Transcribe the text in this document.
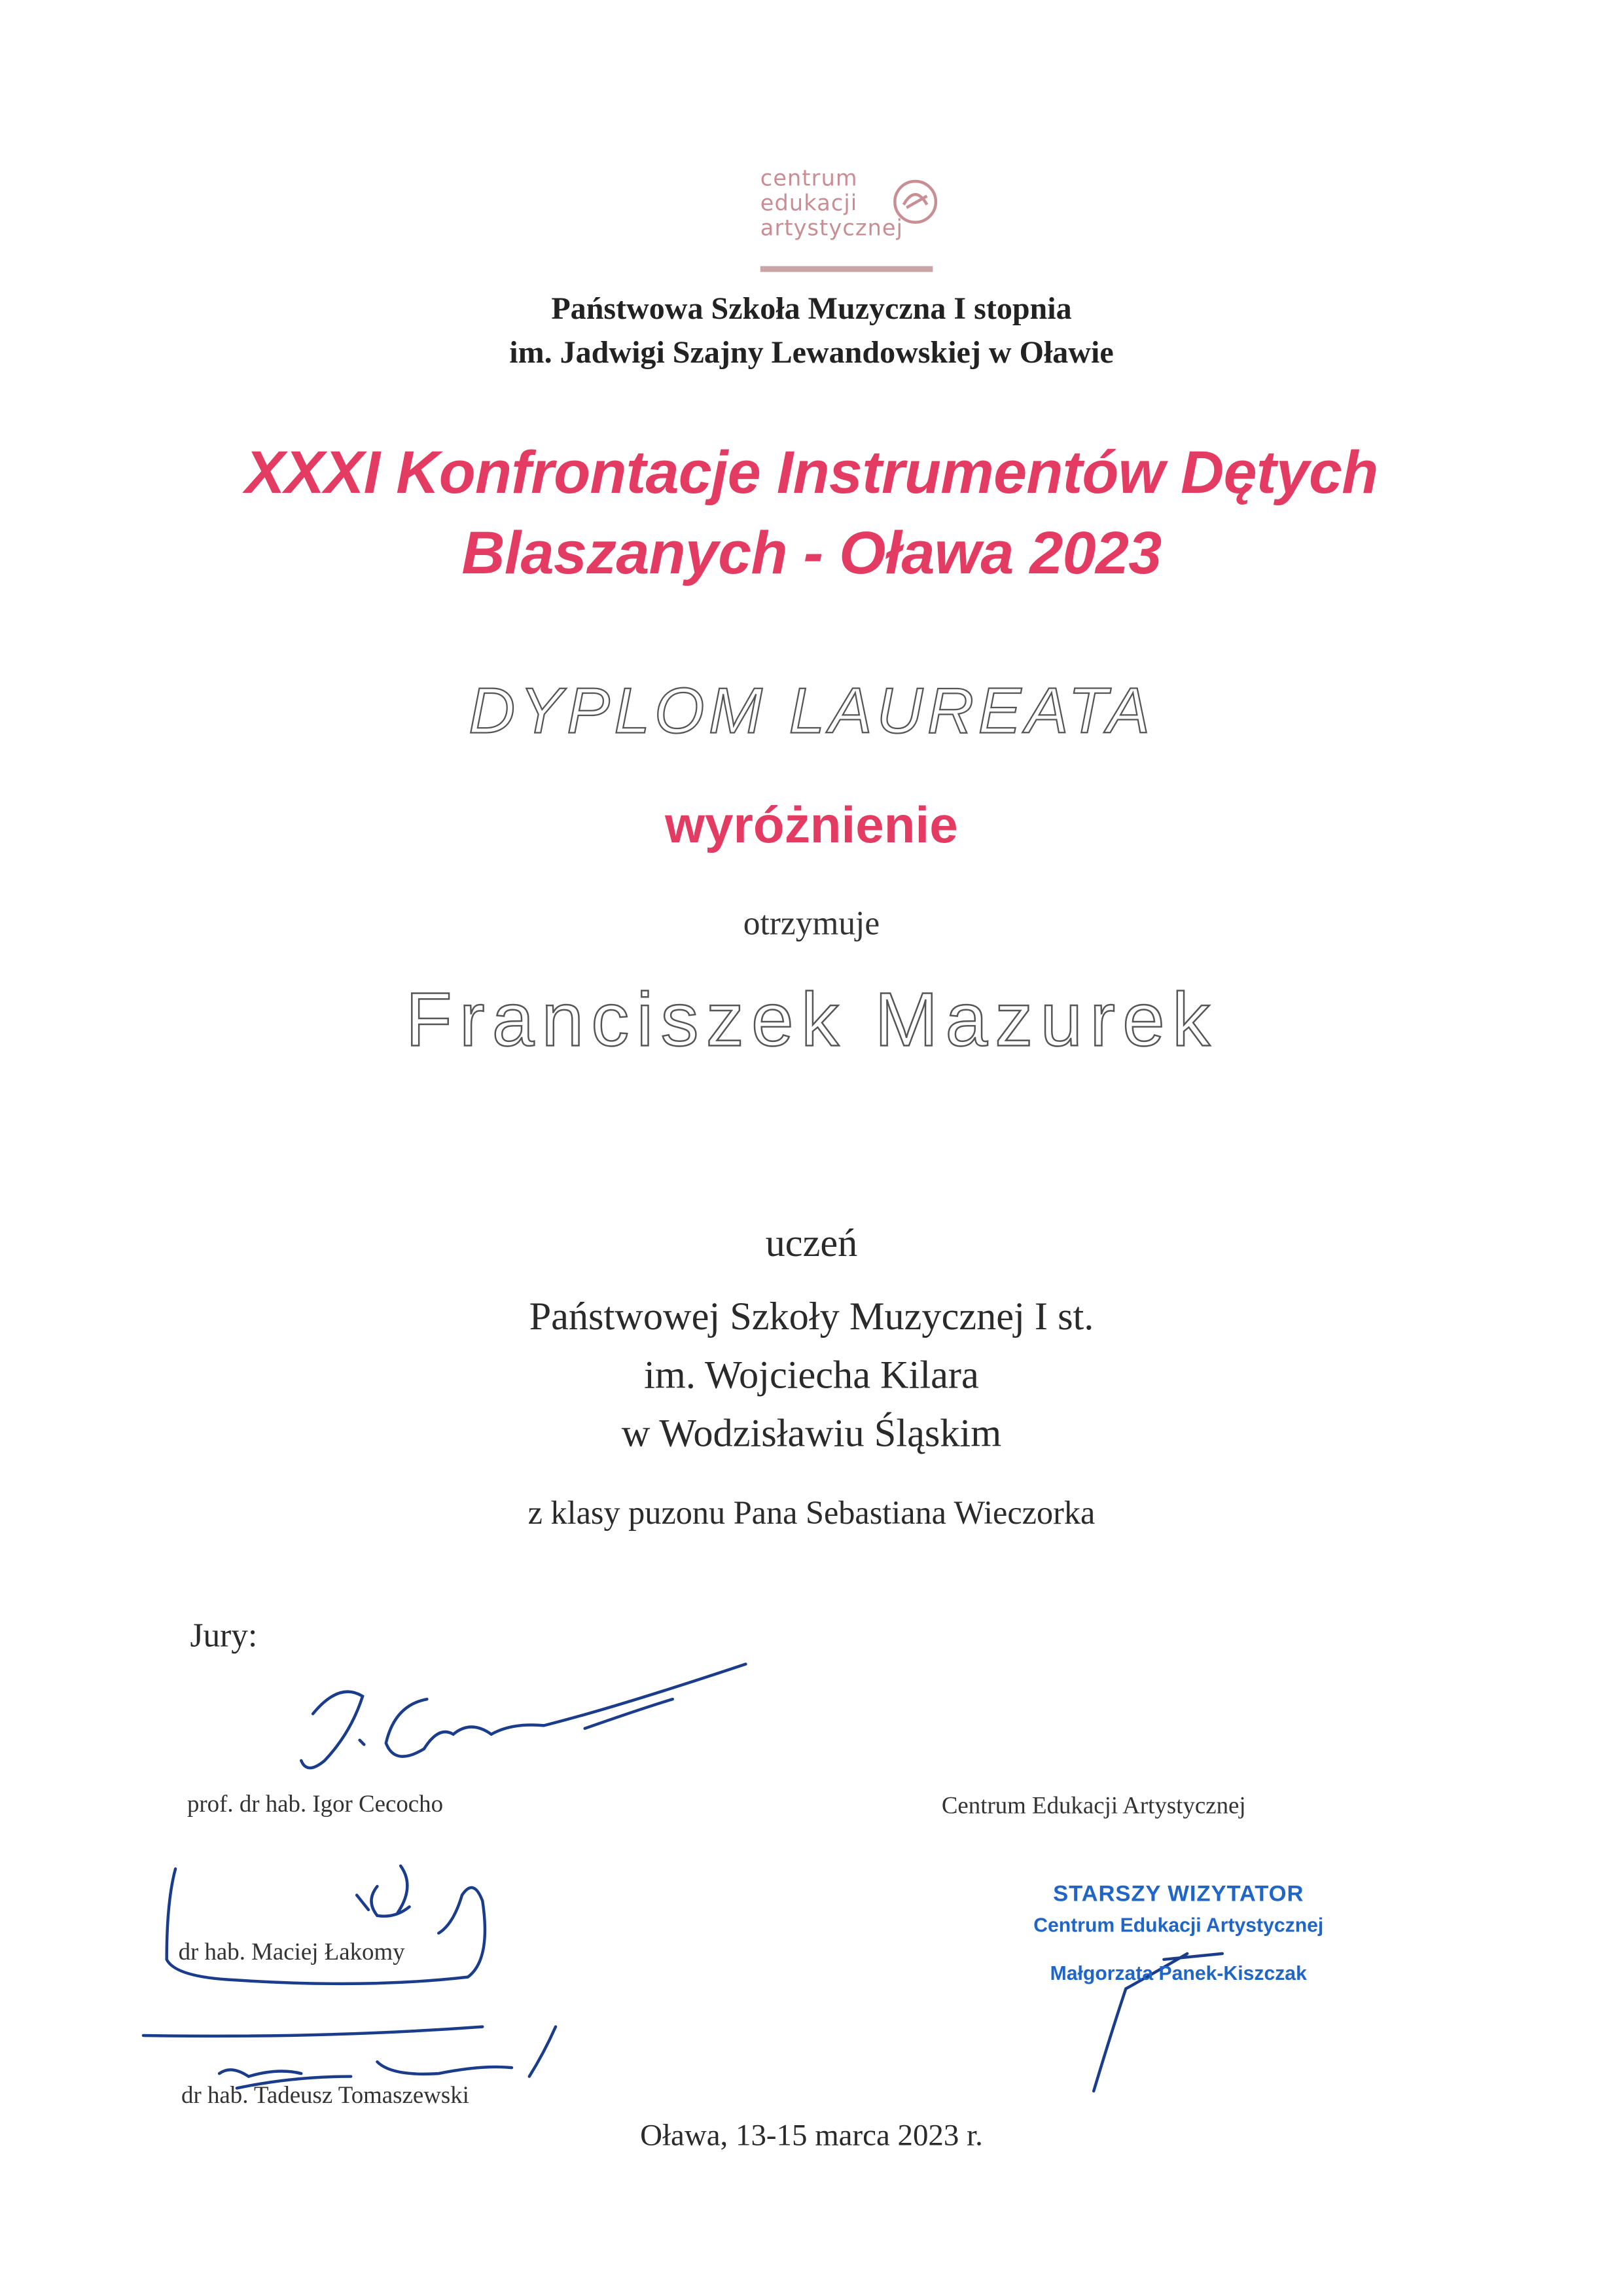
centrum
edukacji
artystycznej
Państwowa Szkoła Muzyczna I stopnia
im. Jadwigi Szajny Lewandowskiej w Oławie
XXXI Konfrontacje Instrumentów Dętych
Blaszanych - Oława 2023
DYPLOM LAUREATA
wyróżnienie
otrzymuje
Franciszek Mazurek
uczeń
Państwowej Szkoły Muzycznej I st.
im. Wojciecha Kilara
w Wodzisławiu Śląskim
z klasy puzonu Pana Sebastiana Wieczorka
Jury:
prof. dr hab. Igor Cecocho
dr hab. Maciej Łakomy
dr hab. Tadeusz Tomaszewski
Centrum Edukacji Artystycznej
STARSZY WIZYTATOR
Centrum Edukacji Artystycznej
Małgorzata Panek-Kiszczak
Oława, 13-15 marca 2023 r.
